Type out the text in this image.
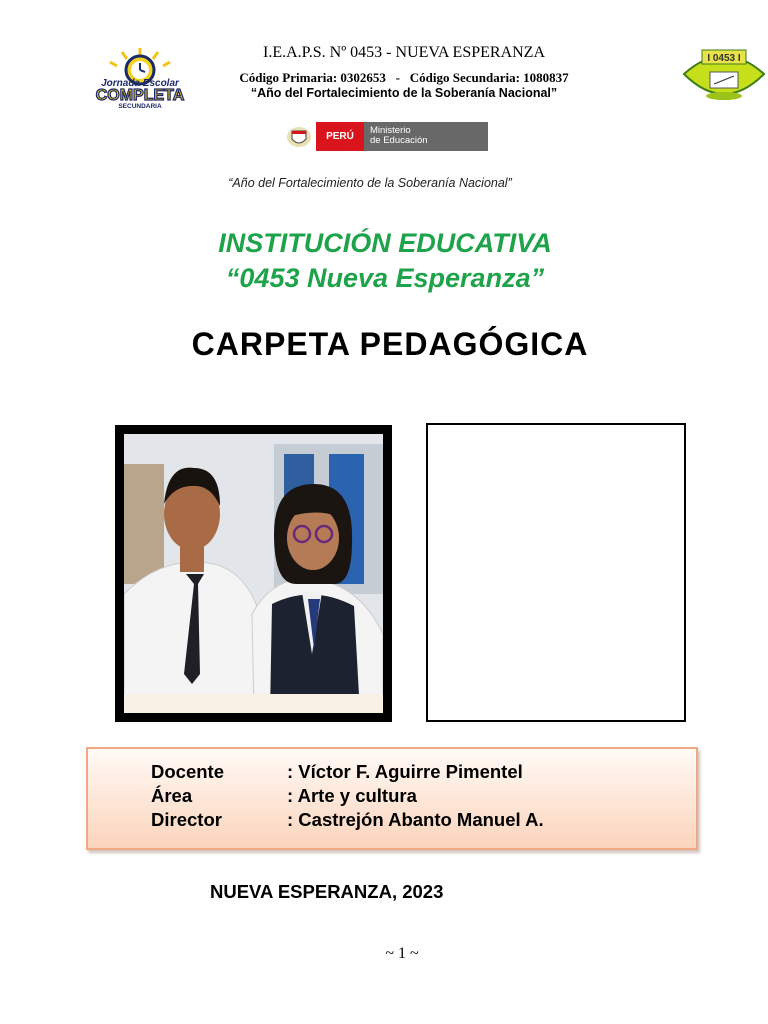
Jornada Escolar
COMPLETA
SECUNDARIA
I.E.A.P.S. Nº 0453 - NUEVA ESPERANZA
Código Primaria: 0302653   -   Código Secundaria: 1080837
“Año del Fortalecimiento de la Soberanía Nacional”
I 0453 I
PERÚ
Ministerio
de Educación
“Año del Fortalecimiento de la Soberanía Nacional”
INSTITUCIÓN EDUCATIVA
“0453 Nueva Esperanza”
CARPETA PEDAGÓGICA
Docente	: Víctor F. Aguirre Pimentel
Área	: Arte y cultura
Director	: Castrejón Abanto Manuel A.
NUEVA ESPERANZA, 2023
~ 1 ~
